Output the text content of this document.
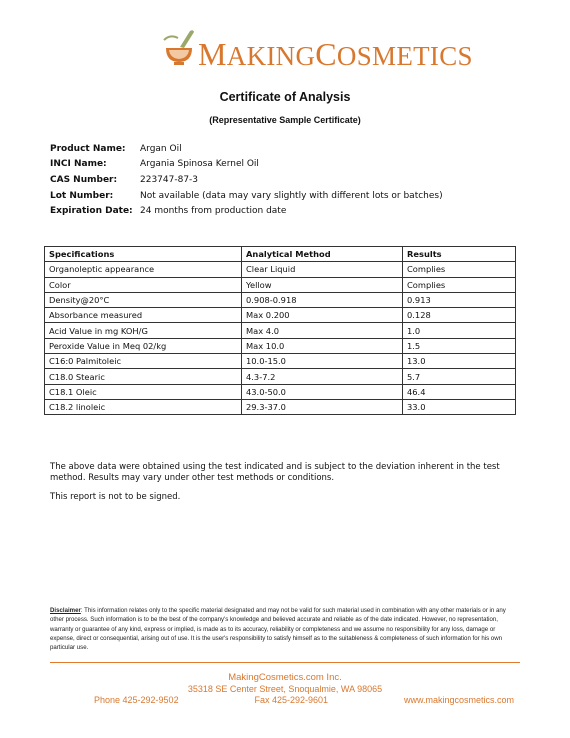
MAKINGCOSMETICS
Certificate of Analysis
(Representative Sample Certificate)
Product Name:	Argan Oil
INCI Name:	Argania Spinosa Kernel Oil
CAS Number:	223747-87-3
Lot Number:	Not available (data may vary slightly with different lots or batches)
Expiration Date: 24 months from production date
Specifications	Analytical Method	Results
Organoleptic appearance	Clear Liquid	Complies
Color	Yellow	Complies
Density@20°C	0.908-0.918	0.913
Absorbance measured	Max 0.200	0.128
Acid Value in mg KOH/G	Max 4.0	1.0
Peroxide Value in Meq 02/kg	Max 10.0	1.5
C16:0 Palmitoleic	10.0-15.0	13.0
C18.0 Stearic	4.3-7.2	5.7
C18.1 Oleic	43.0-50.0	46.4
C18.2 linoleic	29.3-37.0	33.0
The above data were obtained using the test indicated and is subject to the deviation inherent in the test method. Results may vary under other test methods or conditions.
This report is not to be signed.
Disclaimer: This information relates only to the specific material designated and may not be valid for such material used in combination with any other materials or in any other process. Such information is to be the best of the company's knowledge and believed accurate and reliable as of the date indicated. However, no representation, warranty or guarantee of any kind, express or implied, is made as to its accuracy, reliability or completeness and we assume no responsibility for any loss, damage or expense, direct or consequential, arising out of use. It is the user's responsibility to satisfy himself as to the suitableness & completeness of such information for his own particular use.
MakingCosmetics.com Inc.
35318 SE Center Street, Snoqualmie, WA 98065
Phone 425-292-9502	Fax 425-292-9601	www.makingcosmetics.com
